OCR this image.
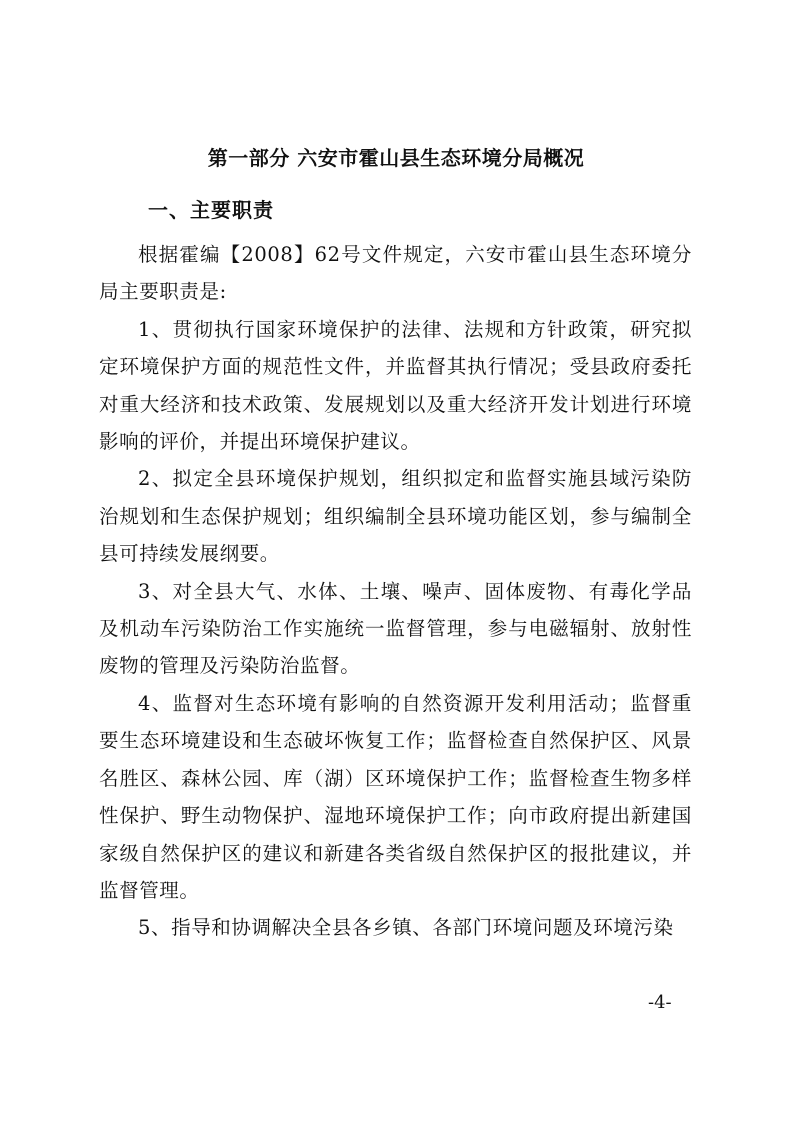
第一部分 六安市霍山县生态环境分局概况
一、主要职责

根据霍编【2008】62号文件规定，六安市霍山县生态环境分局主要职责是:

1、贯彻执行国家环境保护的法律、法规和方针政策，研究拟定环境保护方面的规范性文件，并监督其执行情况；受县政府委托对重大经济和技术政策、发展规划以及重大经济开发计划进行环境影响的评价，并提出环境保护建议。

2、拟定全县环境保护规划，组织拟定和监督实施县域污染防治规划和生态保护规划；组织编制全县环境功能区划，参与编制全县可持续发展纲要。

3、对全县大气、水体、土壤、噪声、固体废物、有毒化学品及机动车污染防治工作实施统一监督管理，参与电磁辐射、放射性废物的管理及污染防治监督。

4、监督对生态环境有影响的自然资源开发利用活动；监督重要生态环境建设和生态破坏恢复工作；监督检查自然保护区、风景名胜区、森林公园、库（湖）区环境保护工作；监督检查生物多样性保护、野生动物保护、湿地环境保护工作；向市政府提出新建国家级自然保护区的建议和新建各类省级自然保护区的报批建议，并监督管理。

5、指导和协调解决全县各乡镇、各部门环境问题及环境污染

-4-
